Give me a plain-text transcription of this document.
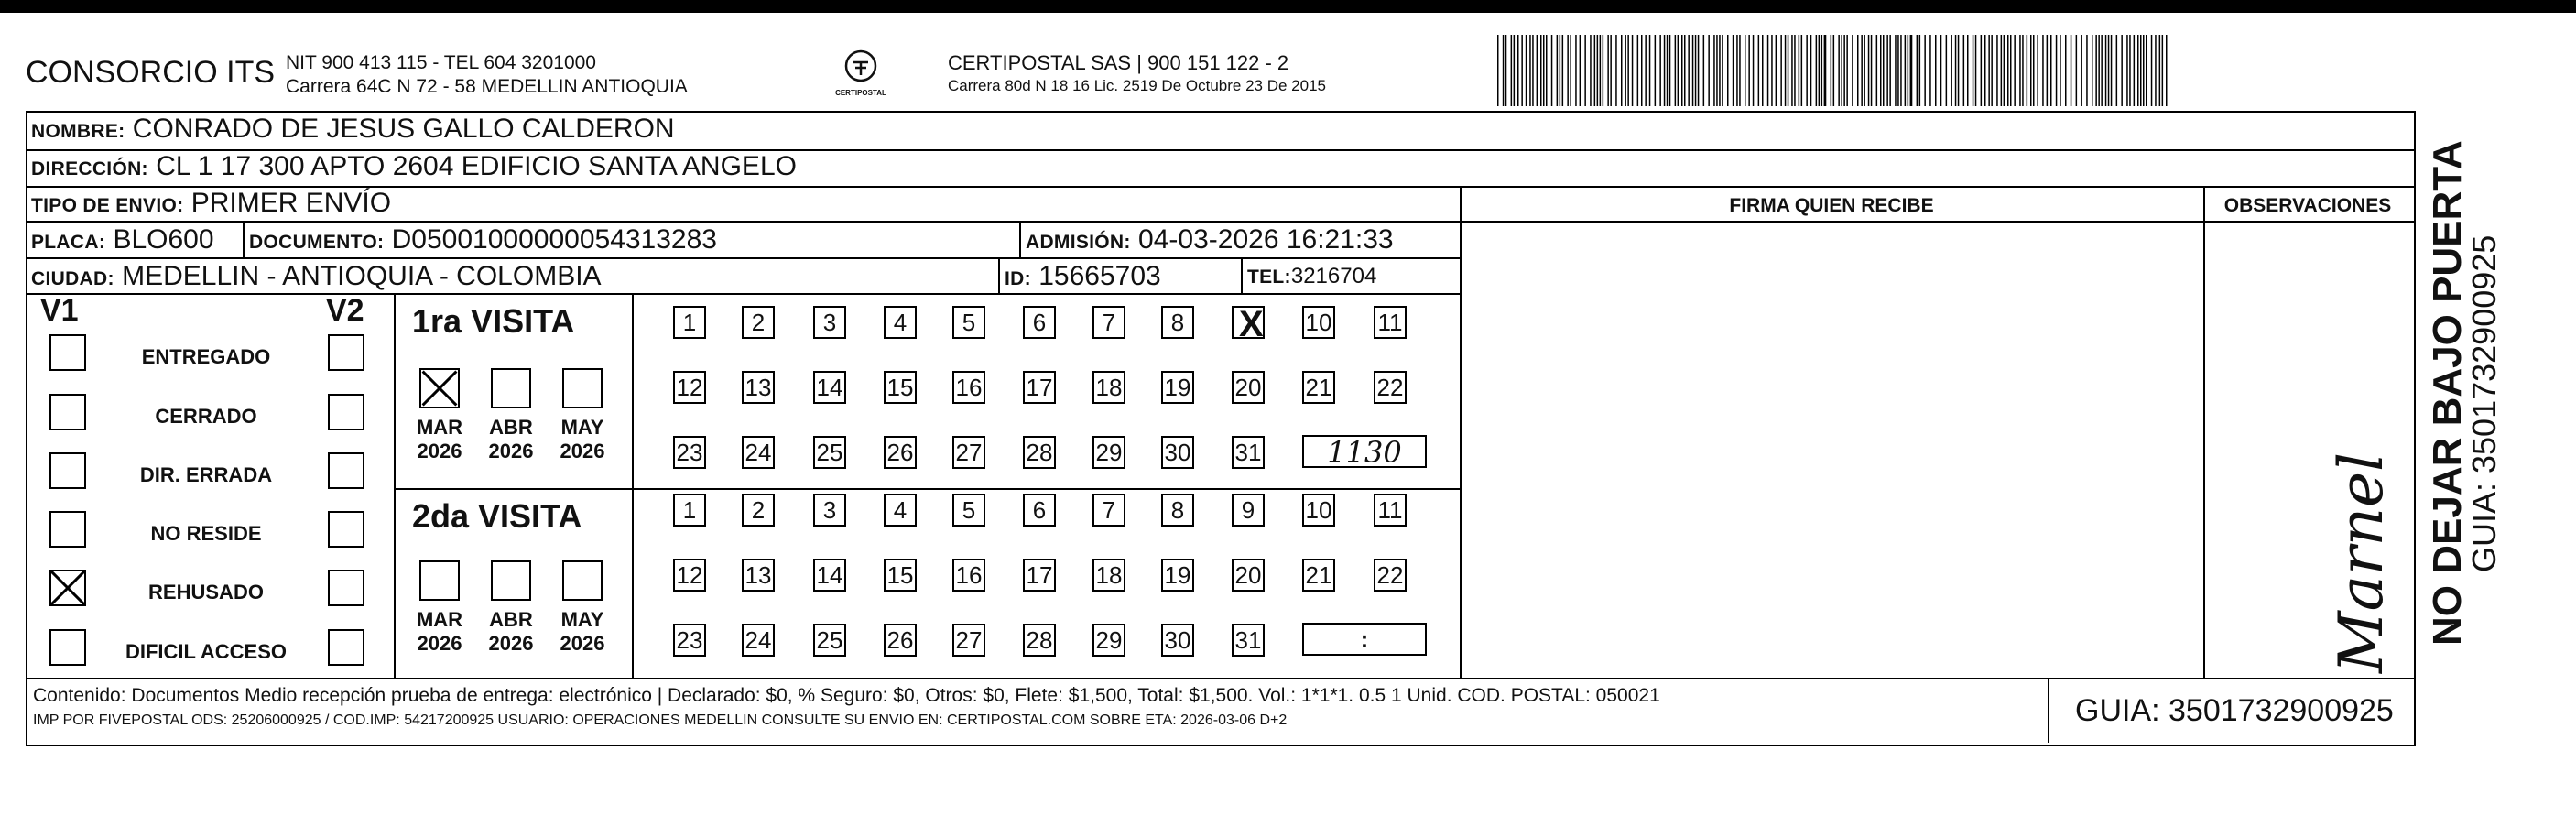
CONSORCIO ITS NIT 900 413 115 - TEL 604 3201000
Carrera 64C N 72 - 58 MEDELLIN ANTIOQUIA	CERTIPOSTAL
CERTIPOSTAL SAS | 900 151 122 - 2
Carrera 80d N 18 16 Lic. 2519 De Octubre 23 De 2015
NOMBRE: CONRADO DE JESUS GALLO CALDERON
DIRECCIÓN: CL 1 17 300 APTO 2604 EDIFICIO SANTA ANGELO
TIPO DE ENVIO: PRIMER ENVÍO	FIRMA QUIEN RECIBE	OBSERVACIONES
PLACA: BLO600 DOCUMENTO: D05001000000054313283	ADMISIÓN: 04-03-2026 16:21:33
CIUDAD: MEDELLIN - ANTIOQUIA - COLOMBIA	ID: 15665703	TEL:3216704
V1	V2
ENTREGADO
CERRADO
DIR. ERRADA
NO RESIDE
REHUSADO
DIFICIL ACCESO
1ra VISITA
2da VISITA
1	2	3	4	5	6	7	8 X 10 11
12 13 14 15 16 17 18 19 20 21 22
23 24 25 26 27 28 29 30 31
1	2	3	4	5	6	7	8	9	10 11
12 13 14 15 16 17 18 19 20 21 22
23 24 25 26 27 28 29 30 31
MAR
2026
ABR
2026
MAY
2026
MAR
2026
ABR
2026
MAY
2026
1130
:	Marnel
Contenido: Documentos Medio recepción prueba de entrega: electrónico | Declarado: $0, % Seguro: $0, Otros: $0, Flete: $1,500, Total: $1,500. Vol.: 1*1*1. 0.5 1 Unid. COD. POSTAL: 050021
IMP POR FIVEPOSTAL ODS: 25206000925 / COD.IMP: 54217200925 USUARIO: OPERACIONES MEDELLIN CONSULTE SU ENVIO EN: CERTIPOSTAL.COM SOBRE ETA: 2026-03-06 D+2	GUIA: 3501732900925
NO DEJAR BAJO PUERTA
GUIA: 3501732900925
